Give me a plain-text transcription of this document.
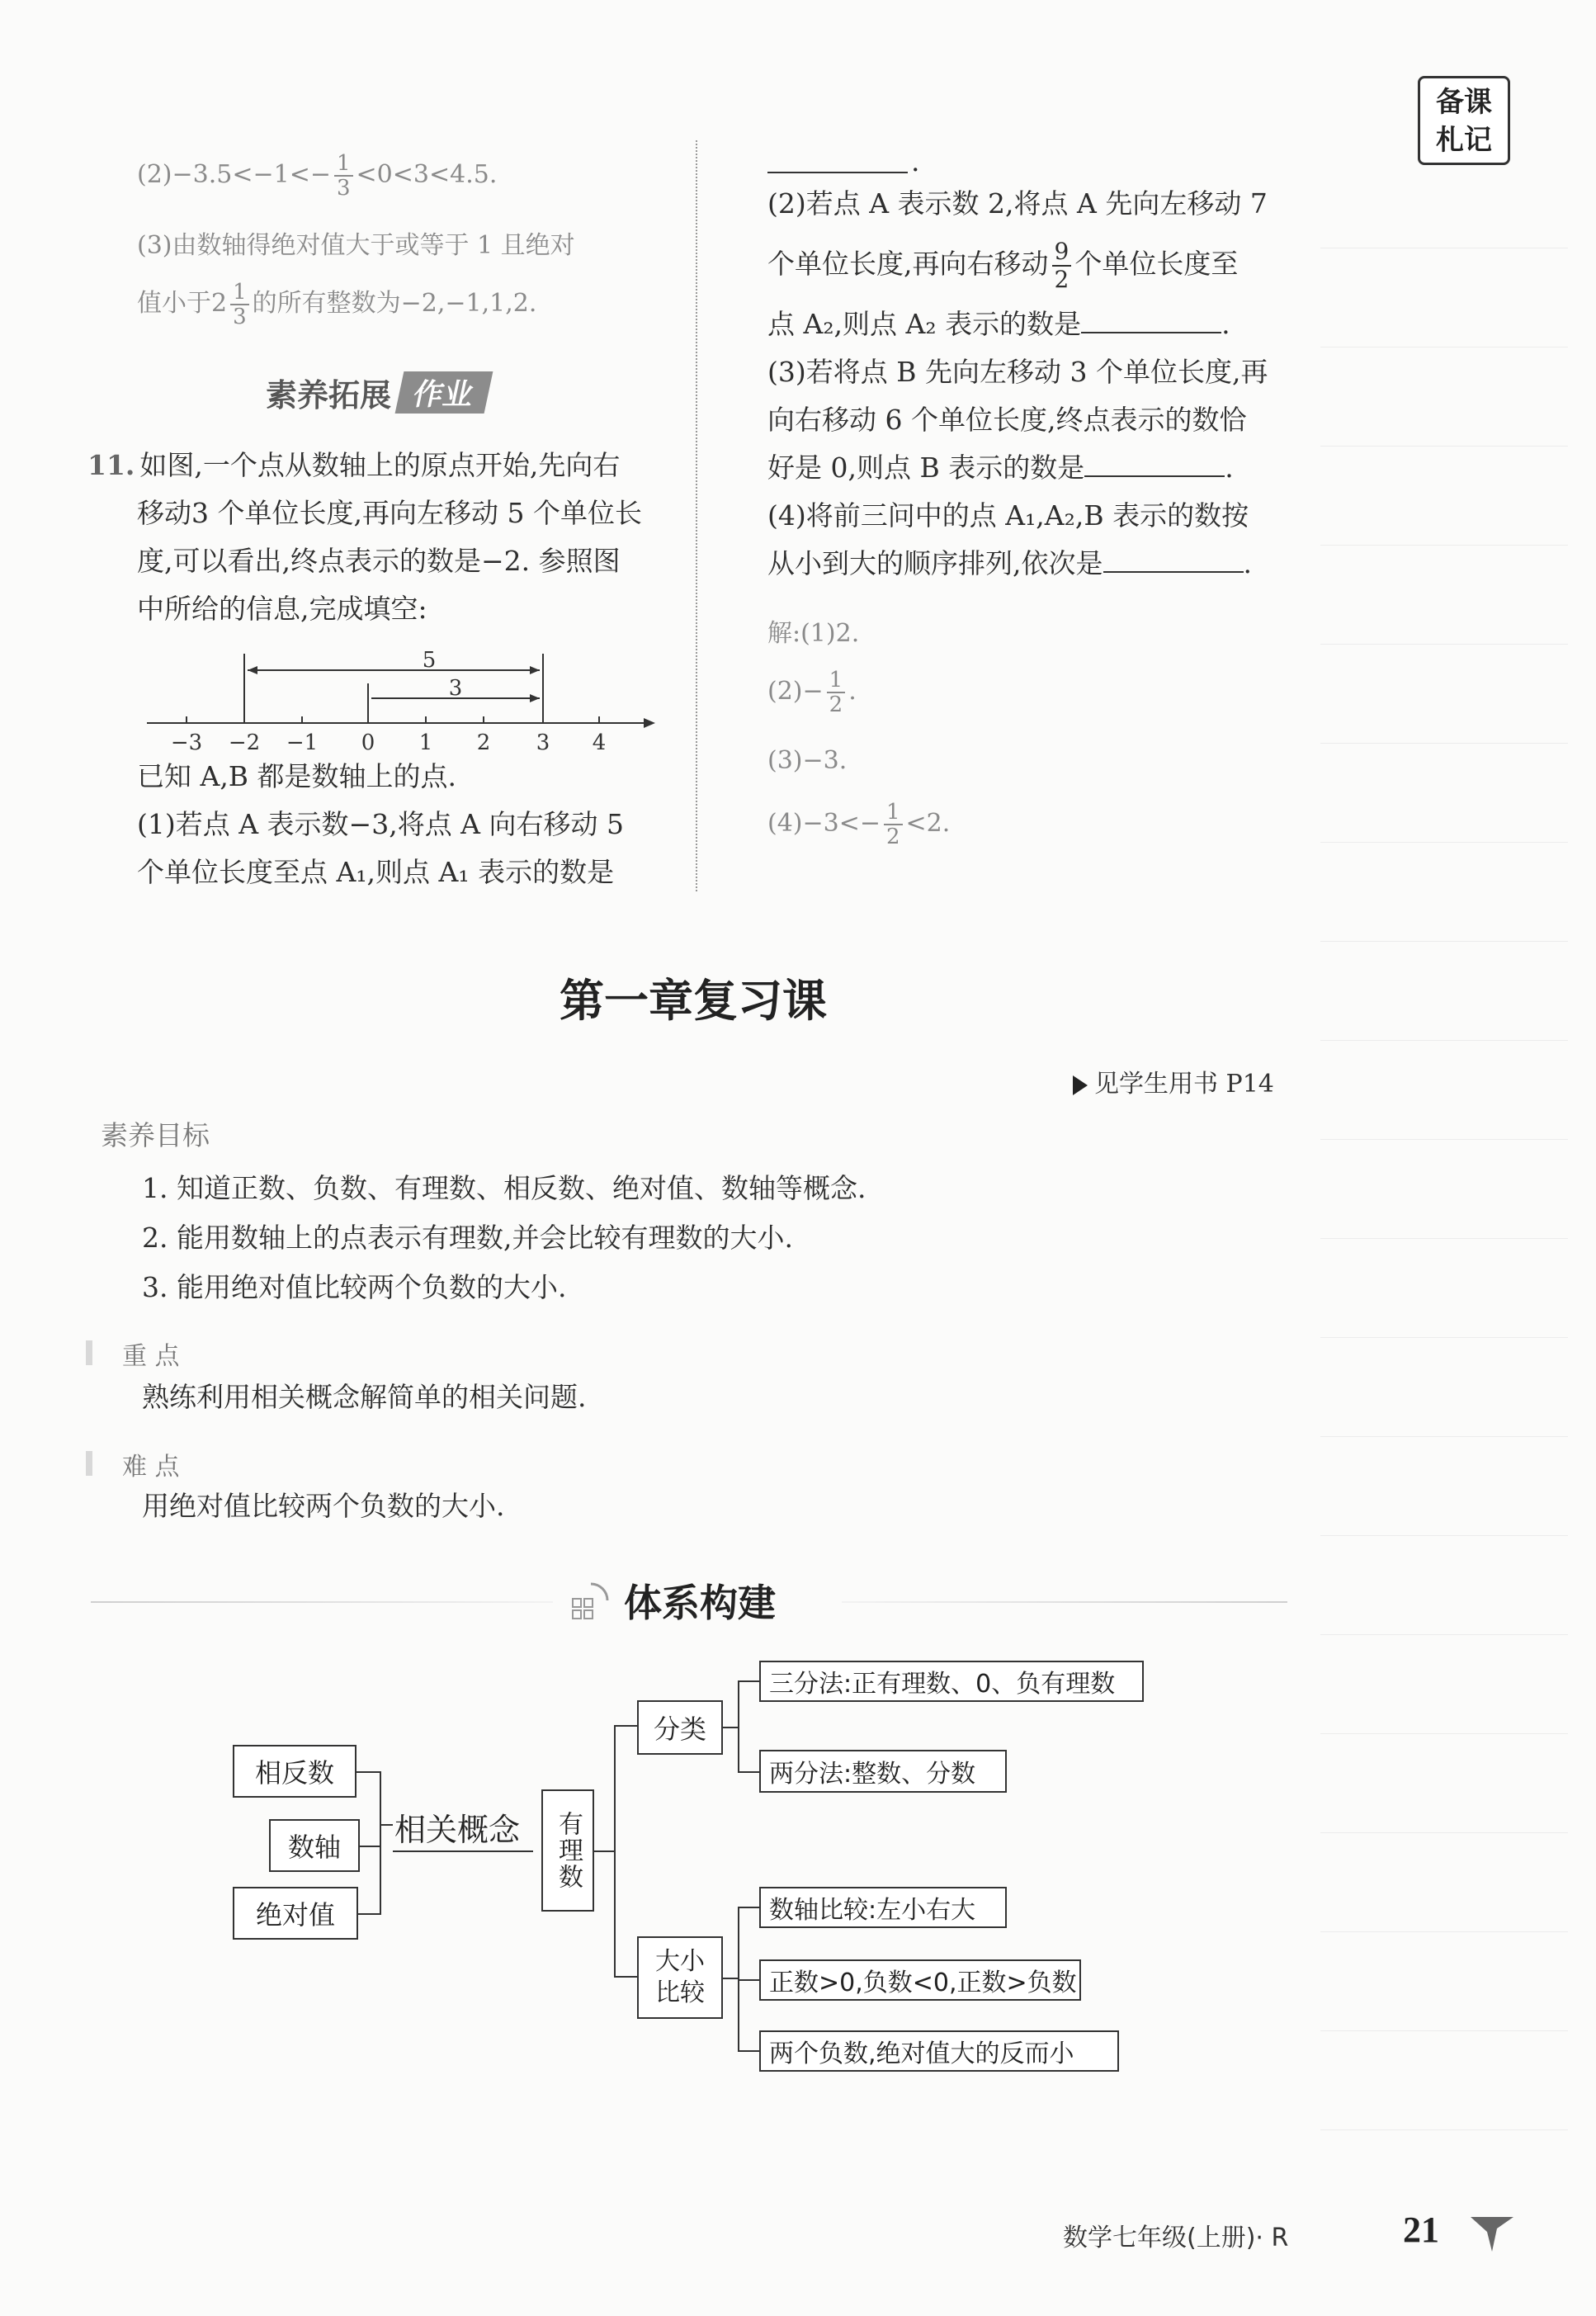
备课
札记
$(2)-3.5<-1<- \frac{1}{3} <0<3<4.5$.
(3)由数轴得绝对值大于或等于 1 且绝对
值小于$2 \frac{1}{3}$ 的所有整数为−2,−1,1,2.
素养拓展 作业
11. 如图,一个点从数轴上的原点开始,先向右
移动3 个单位长度,再向左移动 5 个单位长
度,可以看出,终点表示的数是−2. 参照图
中所给的信息,完成填空:
5
3
−3 −2 −1 0 1 2 3 4
已知 A,B 都是数轴上的点.
(1)若点 A 表示数−3,将点 A 向右移动 5
个单位长度至点 A₁,则点 A₁ 表示的数是
.
(2)若点 A 表示数 2,将点 A 先向左移动 7
个单位长度,再向右移动 $\frac{9}{2}$ 个单位长度至
点 A₂,则点 A₂ 表示的数是	.
(3)若将点 B 先向左移动 3 个单位长度,再
向右移动 6 个单位长度,终点表示的数恰
好是 0,则点 B 表示的数是	.
(4)将前三问中的点 A₁,A₂,B 表示的数按
从小到大的顺序排列,依次是	.
解:(1)2.
$(2)- \frac{1}{2}$ .
(3)−3.
$(4)-3<- \frac{1}{2} <2$.
第一章复习课
见学生用书 P14
素养目标
1. 知道正数、负数、有理数、相反数、绝对值、数轴等概念.
2. 能用数轴上的点表示有理数,并会比较有理数的大小.
3. 能用绝对值比较两个负数的大小.
重 点
熟练利用相关概念解简单的相关问题.
难 点
用绝对值比较两个负数的大小.
体系构建
相反数
数轴
绝对值
相关概念 有理数
分类
三分法:正有理数、0、负有理数
两分法:整数、分数
大小比较
数轴比较:左小右大
正数>0,负数<0,正数>负数
两个负数,绝对值大的反而小
数学七年级(上册)· R	21
